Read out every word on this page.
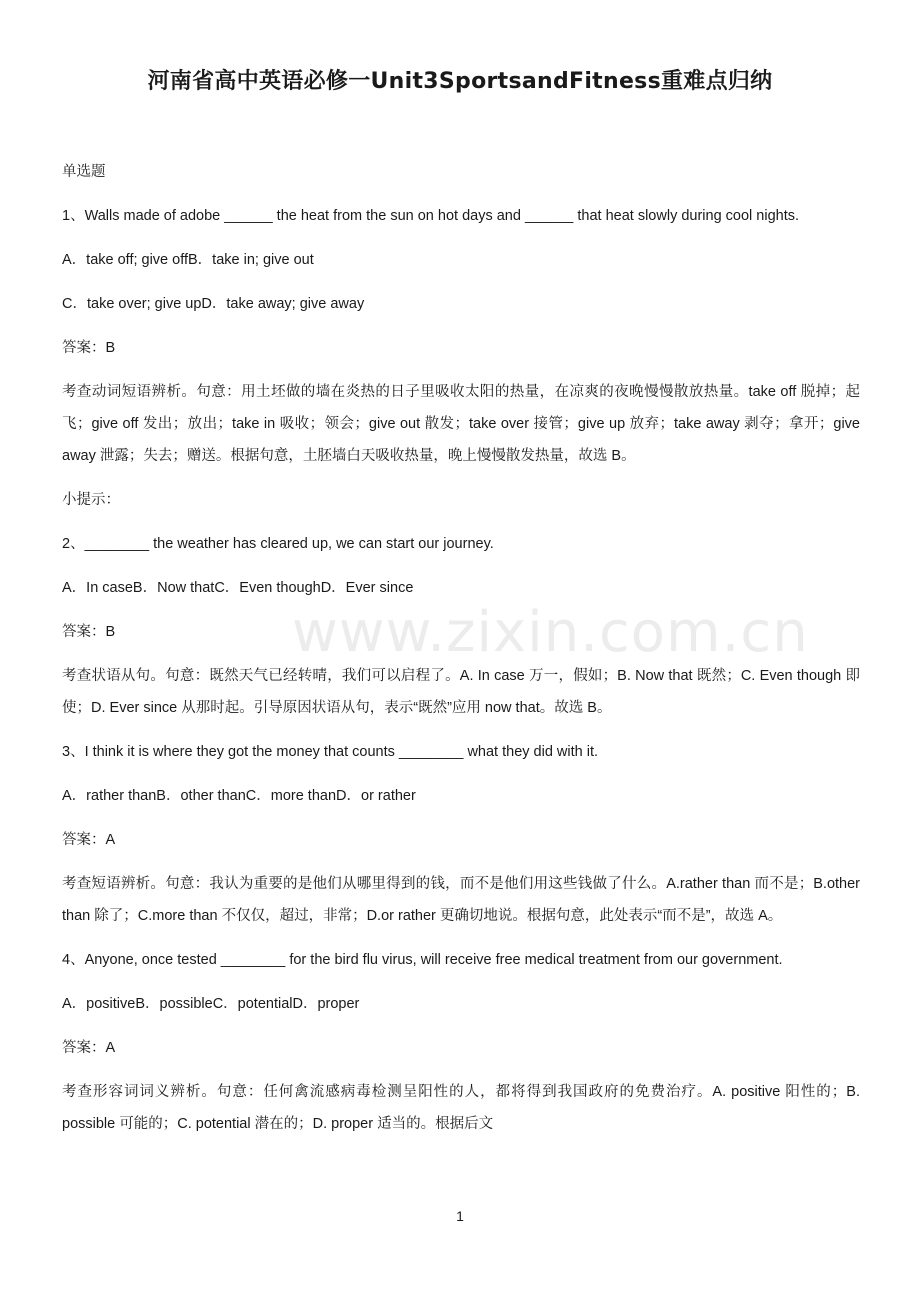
河南省高中英语必修一Unit3SportsandFitness重难点归纳

单选题

1、Walls made of adobe ______ the heat from the sun on hot days and ______ that heat slowly during cool nights.

A．take off; give offB．take in; give out

C．take over; give upD．take away; give away

答案：B

考查动词短语辨析。句意：用土坯做的墙在炎热的日子里吸收太阳的热量，在凉爽的夜晚慢慢散放热量。take off 脱掉；起飞；give off 发出；放出；take in 吸收；领会；give out 散发；take over 接管；give up 放弃；take away 剥夺；拿开；give away 泄露；失去；赠送。根据句意，土胚墙白天吸收热量，晚上慢慢散发热量，故选 B。

小提示：

2、________ the weather has cleared up, we can start our journey.

A．In caseB．Now thatC．Even thoughD．Ever since

答案：B

考查状语从句。句意：既然天气已经转晴，我们可以启程了。A. In case 万一，假如；B. Now that 既然；C. Even though 即使；D. Ever since 从那时起。引导原因状语从句，表示“既然”应用 now that。故选 B。

3、I think it is where they got the money that counts ________ what they did with it.

A．rather thanB．other thanC．more thanD．or rather

答案：A

考查短语辨析。句意：我认为重要的是他们从哪里得到的钱，而不是他们用这些钱做了什么。A.rather than 而不是；B.other than 除了；C.more than 不仅仅，超过，非常；D.or rather 更确切地说。根据句意，此处表示“而不是”，故选 A。

4、Anyone, once tested ________ for the bird flu virus, will receive free medical treatment from our government.

A．positiveB．possibleC．potentialD．proper

答案：A

考查形容词词义辨析。句意：任何禽流感病毒检测呈阳性的人，都将得到我国政府的免费治疗。A. positive 阳性的；B. possible 可能的；C. potential 潜在的；D. proper 适当的。根据后文

www.zixin.com.cn
1
